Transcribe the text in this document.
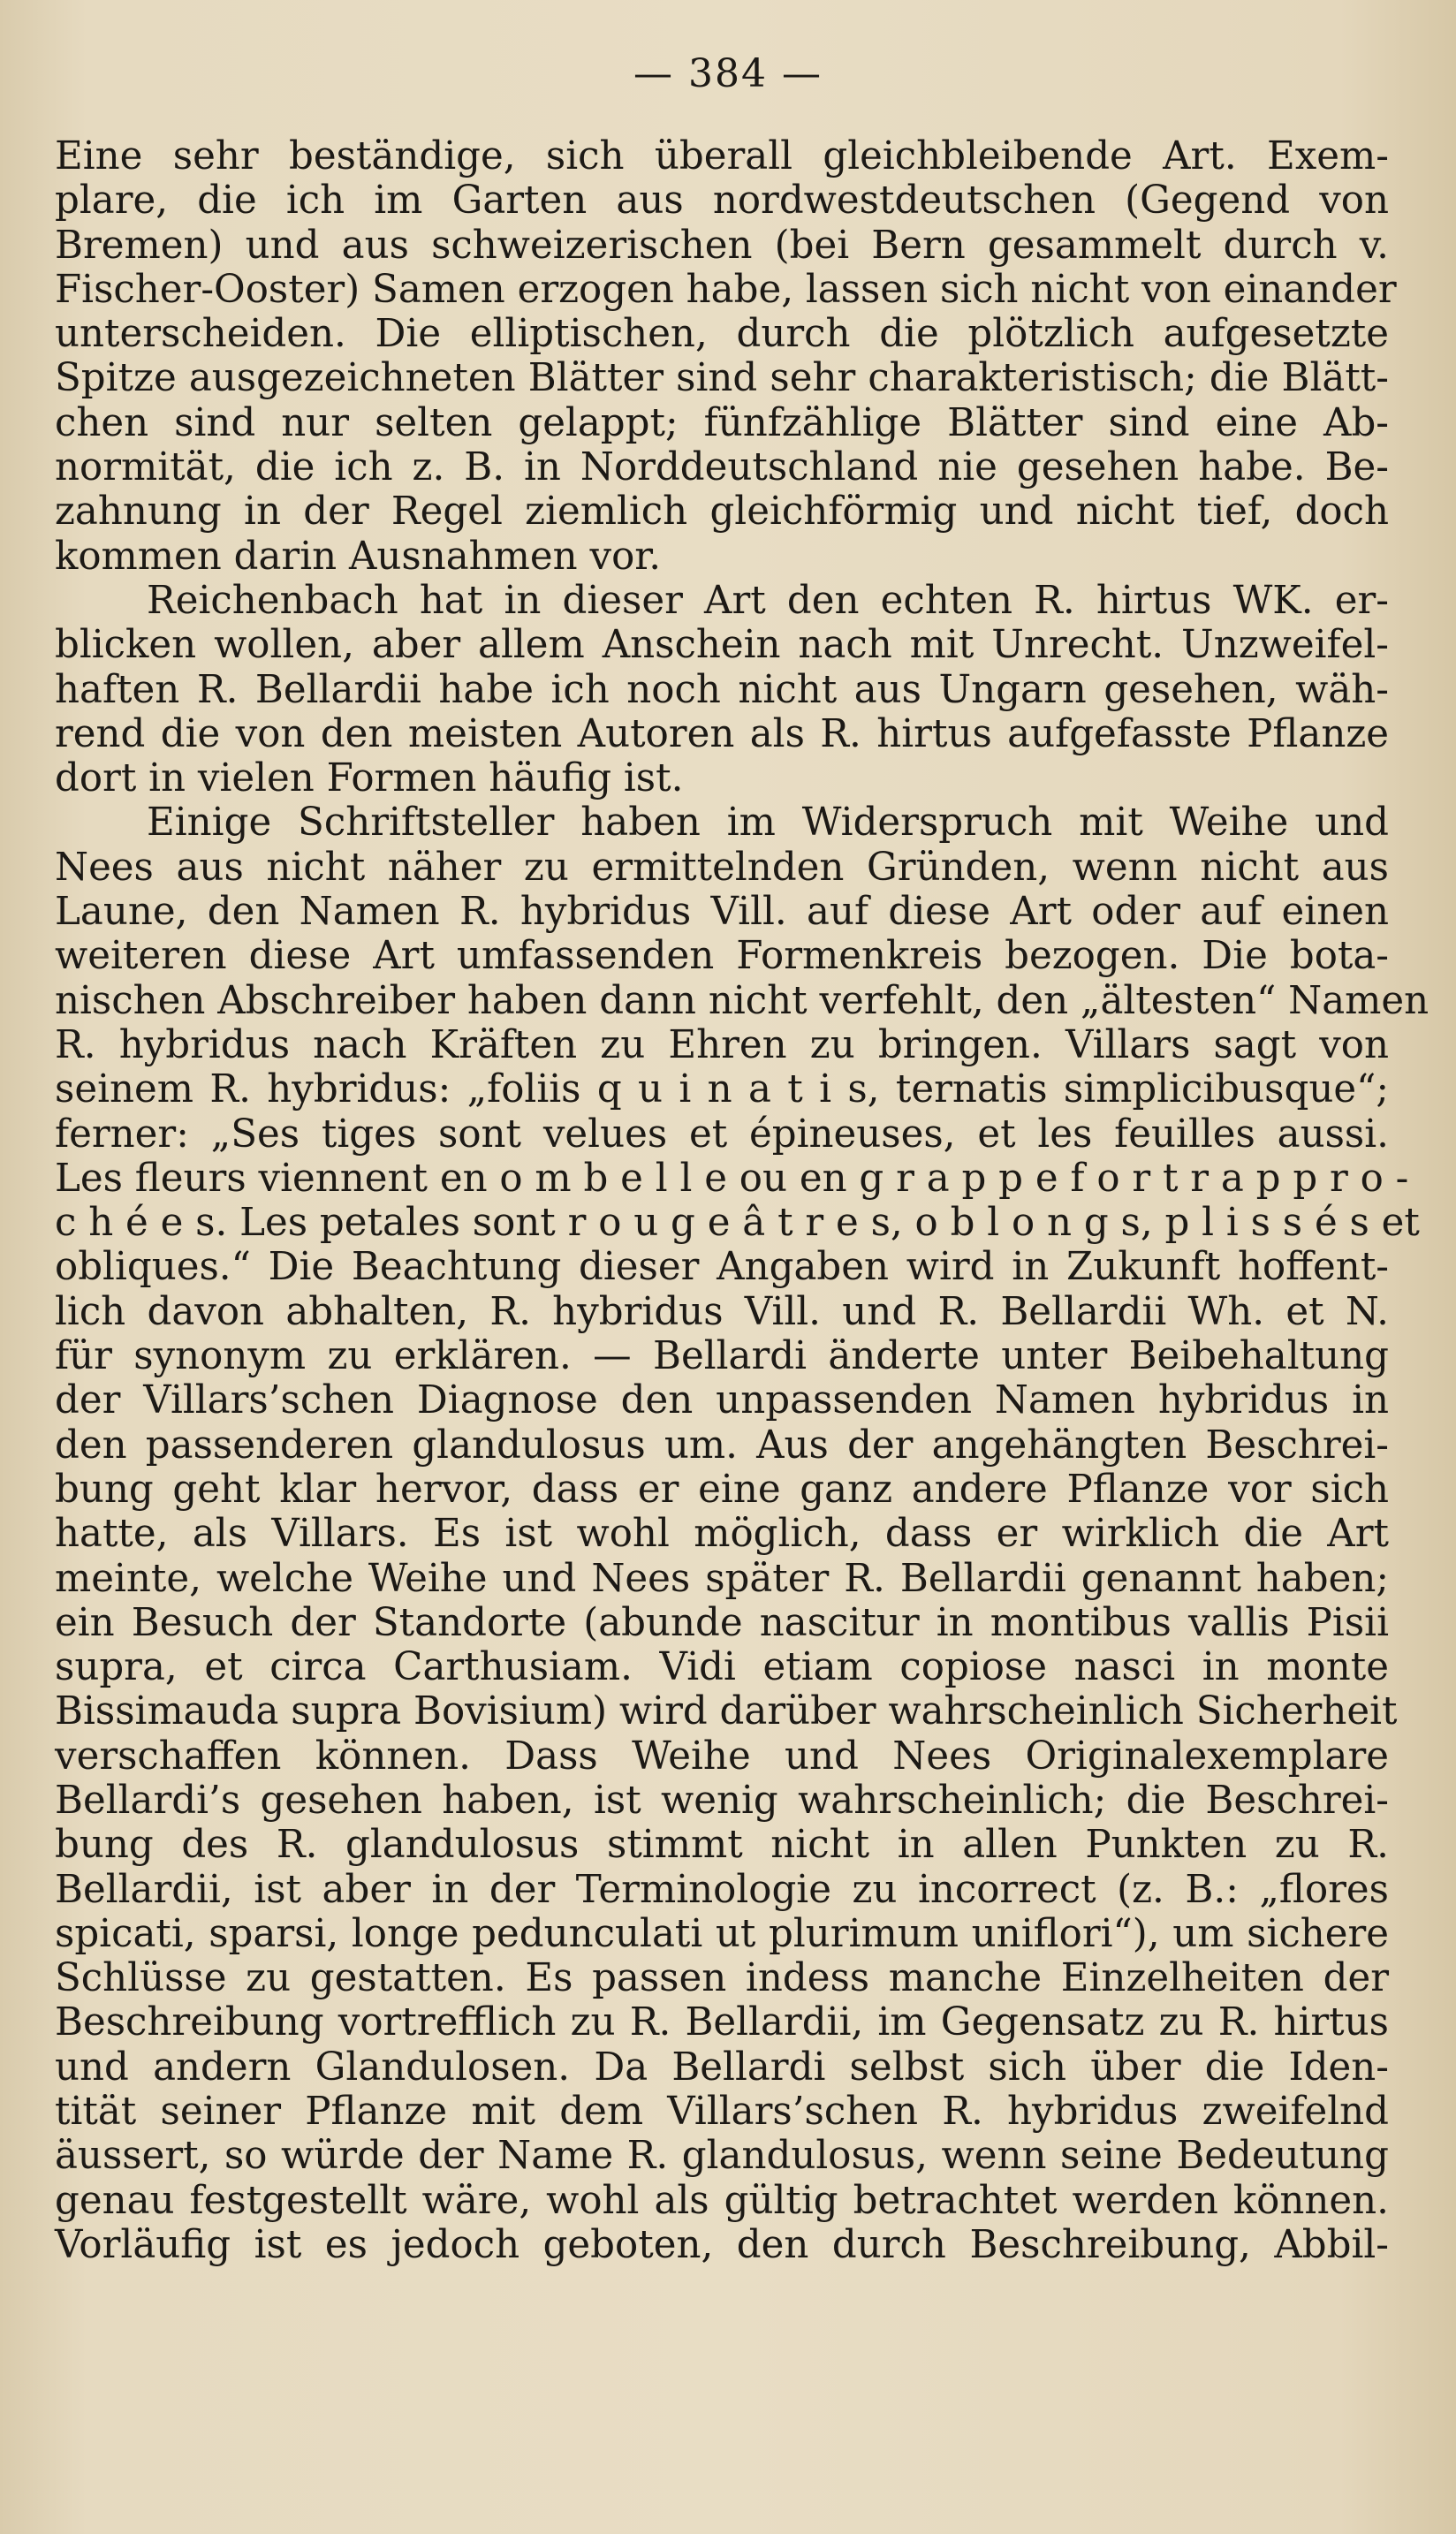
— 384 —
Eine sehr beständige, sich überall gleichbleibende Art. Exem-
plare, die ich im Garten aus nordwestdeutschen (Gegend von
Bremen) und aus schweizerischen (bei Bern gesammelt durch v.
Fischer-Ooster) Samen erzogen habe, lassen sich nicht von einander
unterscheiden. Die elliptischen, durch die plötzlich aufgesetzte
Spitze ausgezeichneten Blätter sind sehr charakteristisch; die Blätt-
chen sind nur selten gelappt; fünfzählige Blätter sind eine Ab-
normität, die ich z. B. in Norddeutschland nie gesehen habe. Be-
zahnung in der Regel ziemlich gleichförmig und nicht tief, doch
kommen darin Ausnahmen vor.
Reichenbach hat in dieser Art den echten R. hirtus WK. er-
blicken wollen, aber allem Anschein nach mit Unrecht. Unzweifel-
haften R. Bellardii habe ich noch nicht aus Ungarn gesehen, wäh-
rend die von den meisten Autoren als R. hirtus aufgefasste Pflanze
dort in vielen Formen häufig ist.
Einige Schriftsteller haben im Widerspruch mit Weihe und
Nees aus nicht näher zu ermittelnden Gründen, wenn nicht aus
Laune, den Namen R. hybridus Vill. auf diese Art oder auf einen
weiteren diese Art umfassenden Formenkreis bezogen. Die bota-
nischen Abschreiber haben dann nicht verfehlt, den „ältesten“ Namen
R. hybridus nach Kräften zu Ehren zu bringen. Villars sagt von
seinem R. hybridus: „foliis q u i n a t i s, ternatis simplicibusque“;
ferner: „Ses tiges sont velues et épineuses, et les feuilles aussi.
Les fleurs viennent en o m b e l l e ou en g r a p p e f o r t r a p p r o -
c h é e s. Les petales sont r o u g e â t r e s, o b l o n g s, p l i s s é s et
obliques.“ Die Beachtung dieser Angaben wird in Zukunft hoffent-
lich davon abhalten, R. hybridus Vill. und R. Bellardii Wh. et N.
für synonym zu erklären. — Bellardi änderte unter Beibehaltung
der Villars’schen Diagnose den unpassenden Namen hybridus in
den passenderen glandulosus um. Aus der angehängten Beschrei-
bung geht klar hervor, dass er eine ganz andere Pflanze vor sich
hatte, als Villars. Es ist wohl möglich, dass er wirklich die Art
meinte, welche Weihe und Nees später R. Bellardii genannt haben;
ein Besuch der Standorte (abunde nascitur in montibus vallis Pisii
supra, et circa Carthusiam. Vidi etiam copiose nasci in monte
Bissimauda supra Bovisium) wird darüber wahrscheinlich Sicherheit
verschaffen können. Dass Weihe und Nees Originalexemplare
Bellardi’s gesehen haben, ist wenig wahrscheinlich; die Beschrei-
bung des R. glandulosus stimmt nicht in allen Punkten zu R.
Bellardii, ist aber in der Terminologie zu incorrect (z. B.: „flores
spicati, sparsi, longe pedunculati ut plurimum uniflori“), um sichere
Schlüsse zu gestatten. Es passen indess manche Einzelheiten der
Beschreibung vortrefflich zu R. Bellardii, im Gegensatz zu R. hirtus
und andern Glandulosen. Da Bellardi selbst sich über die Iden-
tität seiner Pflanze mit dem Villars’schen R. hybridus zweifelnd
äussert, so würde der Name R. glandulosus, wenn seine Bedeutung
genau festgestellt wäre, wohl als gültig betrachtet werden können.
Vorläufig ist es jedoch geboten, den durch Beschreibung, Abbil-
